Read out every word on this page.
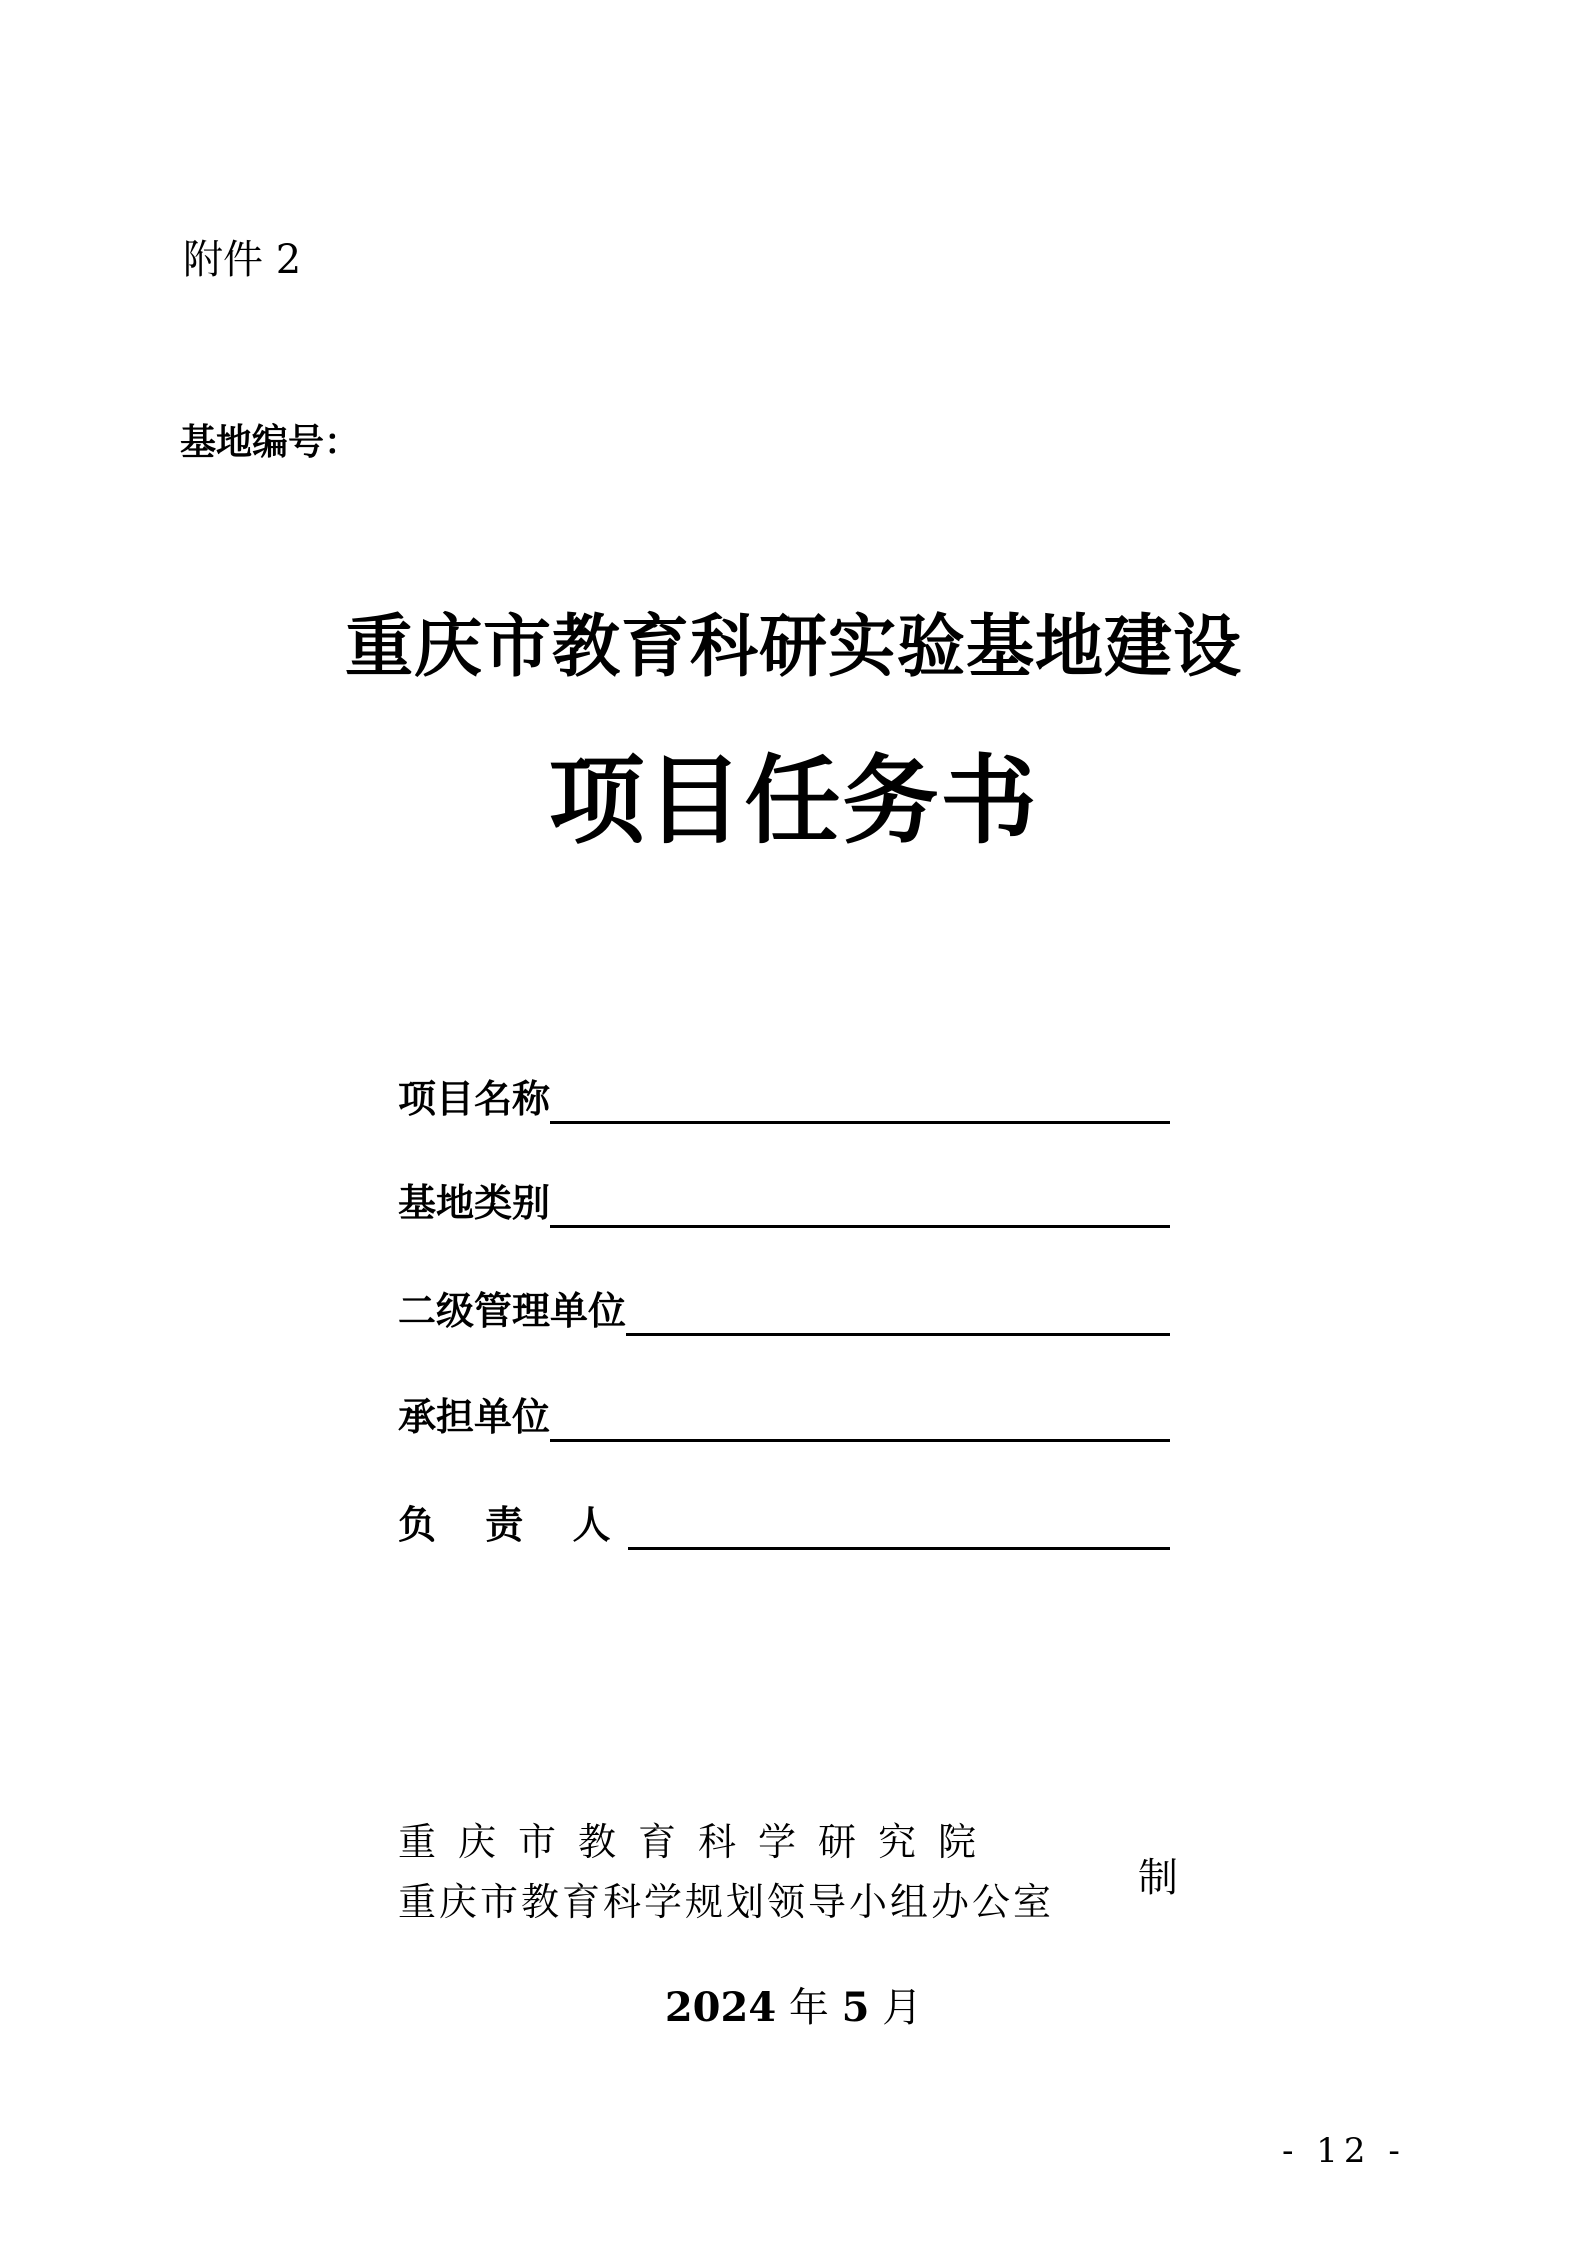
附件 2
基地编号：
重庆市教育科研实验基地建设
项目任务书
项目名称
基地类别
二级管理单位
承担单位
负 责 人
重庆市教育科学研究院
重庆市教育科学规划领导小组办公室
制
2024 年 5 月
- 12 -
